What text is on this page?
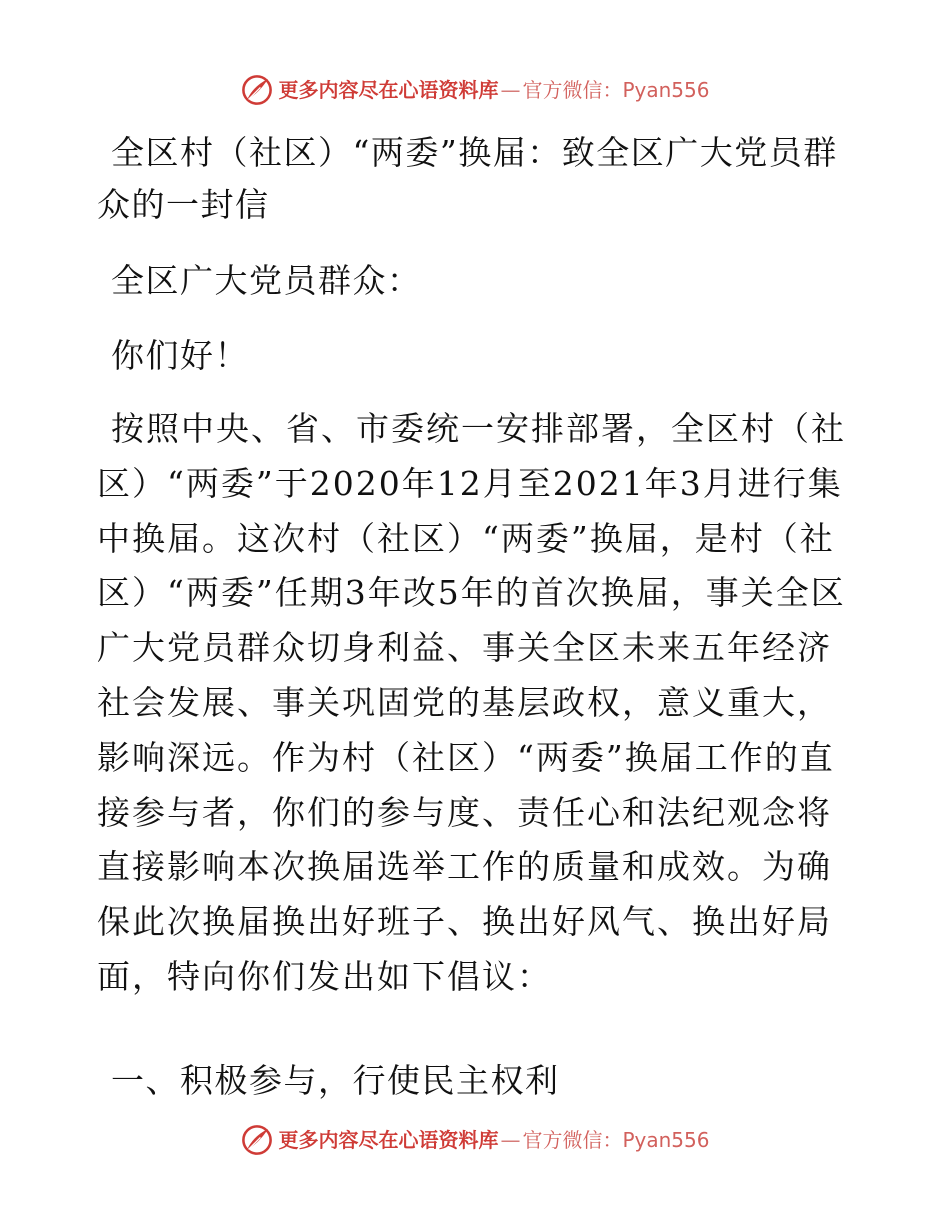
更多内容尽在心语资料库 — 官方微信：Pyan556

全区村（社区）“两委”换届：致全区广大党员群众的一封信

全区广大党员群众：

你们好！

按照中央、省、市委统一安排部署，全区村（社区）“两委”于2020年12月至2021年3月进行集中换届。这次村（社区）“两委”换届，是村（社区）“两委”任期3年改5年的首次换届，事关全区广大党员群众切身利益、事关全区未来五年经济社会发展、事关巩固党的基层政权，意义重大，影响深远。作为村（社区）“两委”换届工作的直接参与者，你们的参与度、责任心和法纪观念将直接影响本次换届选举工作的质量和成效。为确保此次换届换出好班子、换出好风气、换出好局面，特向你们发出如下倡议：

一、积极参与，行使民主权利

更多内容尽在心语资料库 — 官方微信：Pyan556
